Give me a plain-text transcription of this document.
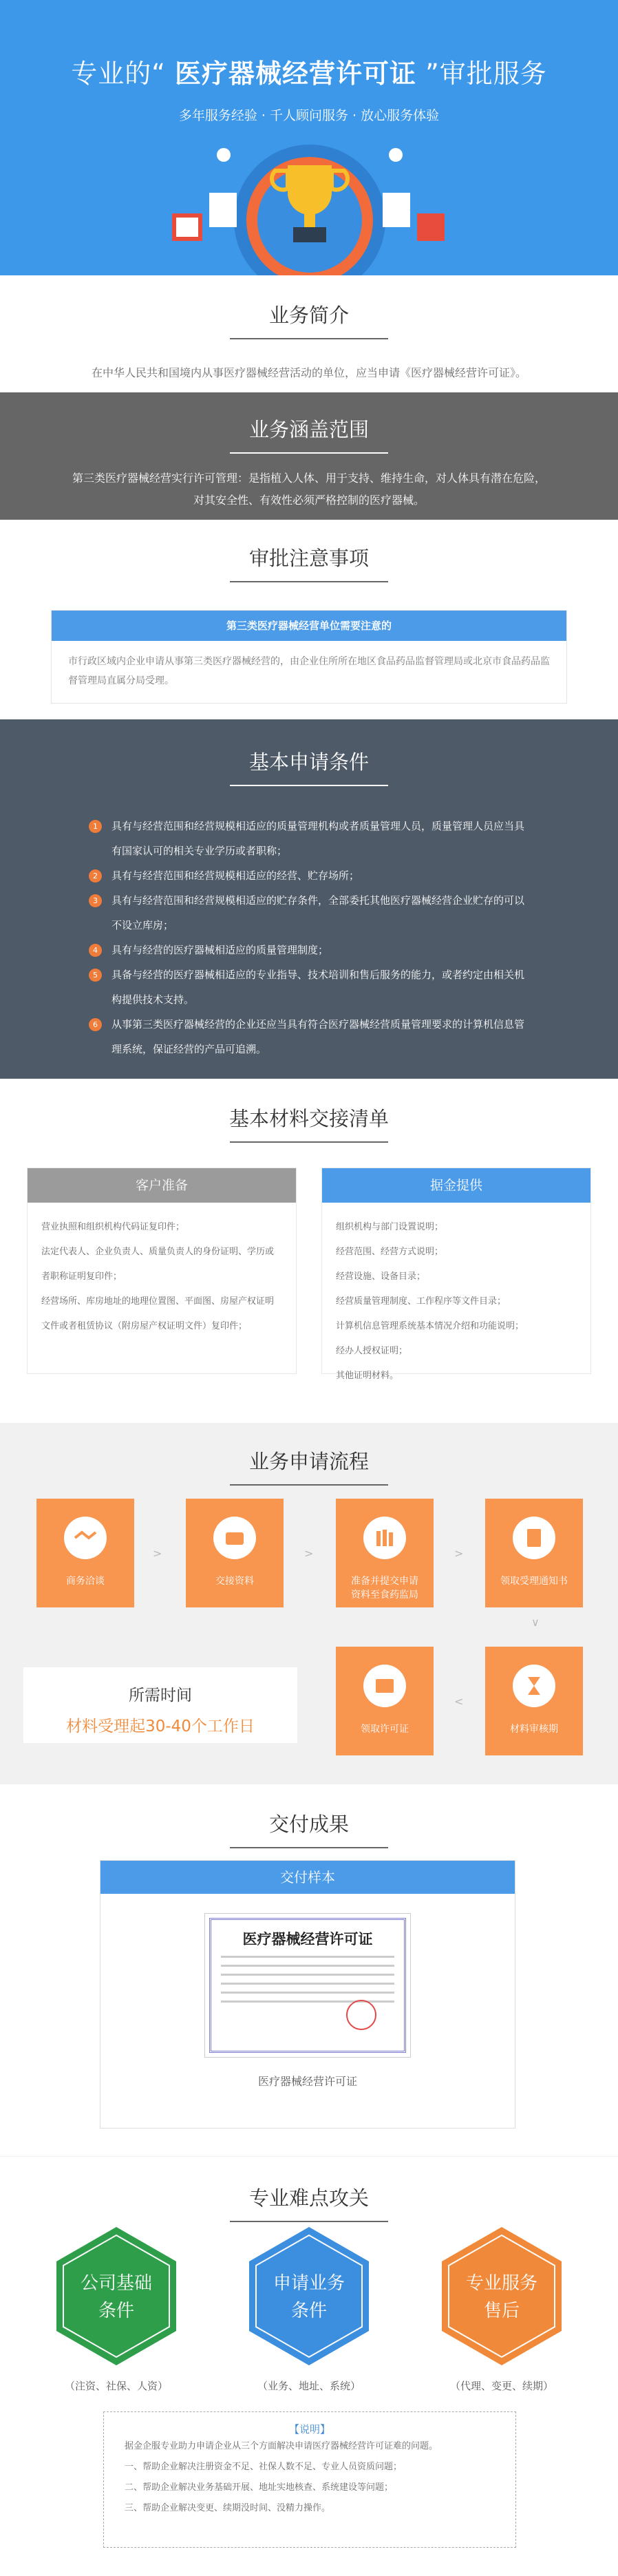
专业的“ 医疗器械经营许可证 ”审批服务
多年服务经验 · 千人顾问服务 · 放心服务体验
业务简介

在中华人民共和国境内从事医疗器械经营活动的单位，应当申请《医疗器械经营许可证》。

业务涵盖范围

第三类医疗器械经营实行许可管理：是指植入人体、用于支持、维持生命，对人体具有潜在危险，
对其安全性、有效性必须严格控制的医疗器械。

审批注意事项
第三类医疗器械经营单位需要注意的

市行政区域内企业申请从事第三类医疗器械经营的，由企业住所所在地区食品药品监督管理局或北京市食品药品监督管理局直属分局受理。

基本申请条件
1	具有与经营范围和经营规模相适应的质量管理机构或者质量管理人员，质量管理人员应当具有国家认可的相关专业学历或者职称；
2	具有与经营范围和经营规模相适应的经营、贮存场所；
3	具有与经营范围和经营规模相适应的贮存条件，全部委托其他医疗器械经营企业贮存的可以不设立库房；
4	具有与经营的医疗器械相适应的质量管理制度；
5	具备与经营的医疗器械相适应的专业指导、技术培训和售后服务的能力，或者约定由相关机构提供技术支持。
6	从事第三类医疗器械经营的企业还应当具有符合医疗器械经营质量管理要求的计算机信息管理系统，保证经营的产品可追溯。
基本材料交接清单
客户准备
营业执照和组织机构代码证复印件；
法定代表人、企业负责人、质量负责人的身份证明、学历或者职称证明复印件；
经营场所、库房地址的地理位置图、平面图、房屋产权证明文件或者租赁协议（附房屋产权证明文件）复印件；
据金提供
组织机构与部门设置说明；
经营范围、经营方式说明；
经营设施、设备目录；
经营质量管理制度、工作程序等文件目录；
计算机信息管理系统基本情况介绍和功能说明；
经办人授权证明；
其他证明材料。
业务申请流程
商务洽谈
>
交接资料
>
准备并提交申请资料至食药监局
>
领取受理通知书
∨
材料审核期
<
领取许可证
所需时间
材料受理起30-40个工作日
交付成果
交付样本
医疗器械经营许可证
医疗器械经营许可证
专业难点攻关
公司基础
条件
（注资、社保、人资）
申请业务
条件
（业务、地址、系统）
专业服务
售后
（代理、变更、续期）
【说明】

据金企服专业助力申请企业从三个方面解决申请医疗器械经营许可证难的问题。

一、帮助企业解决注册资金不足、社保人数不足、专业人员资质问题；

二、帮助企业解决业务基础开展、地址实地核查、系统建设等问题；

三、帮助企业解决变更、续期没时间、没精力操作。
